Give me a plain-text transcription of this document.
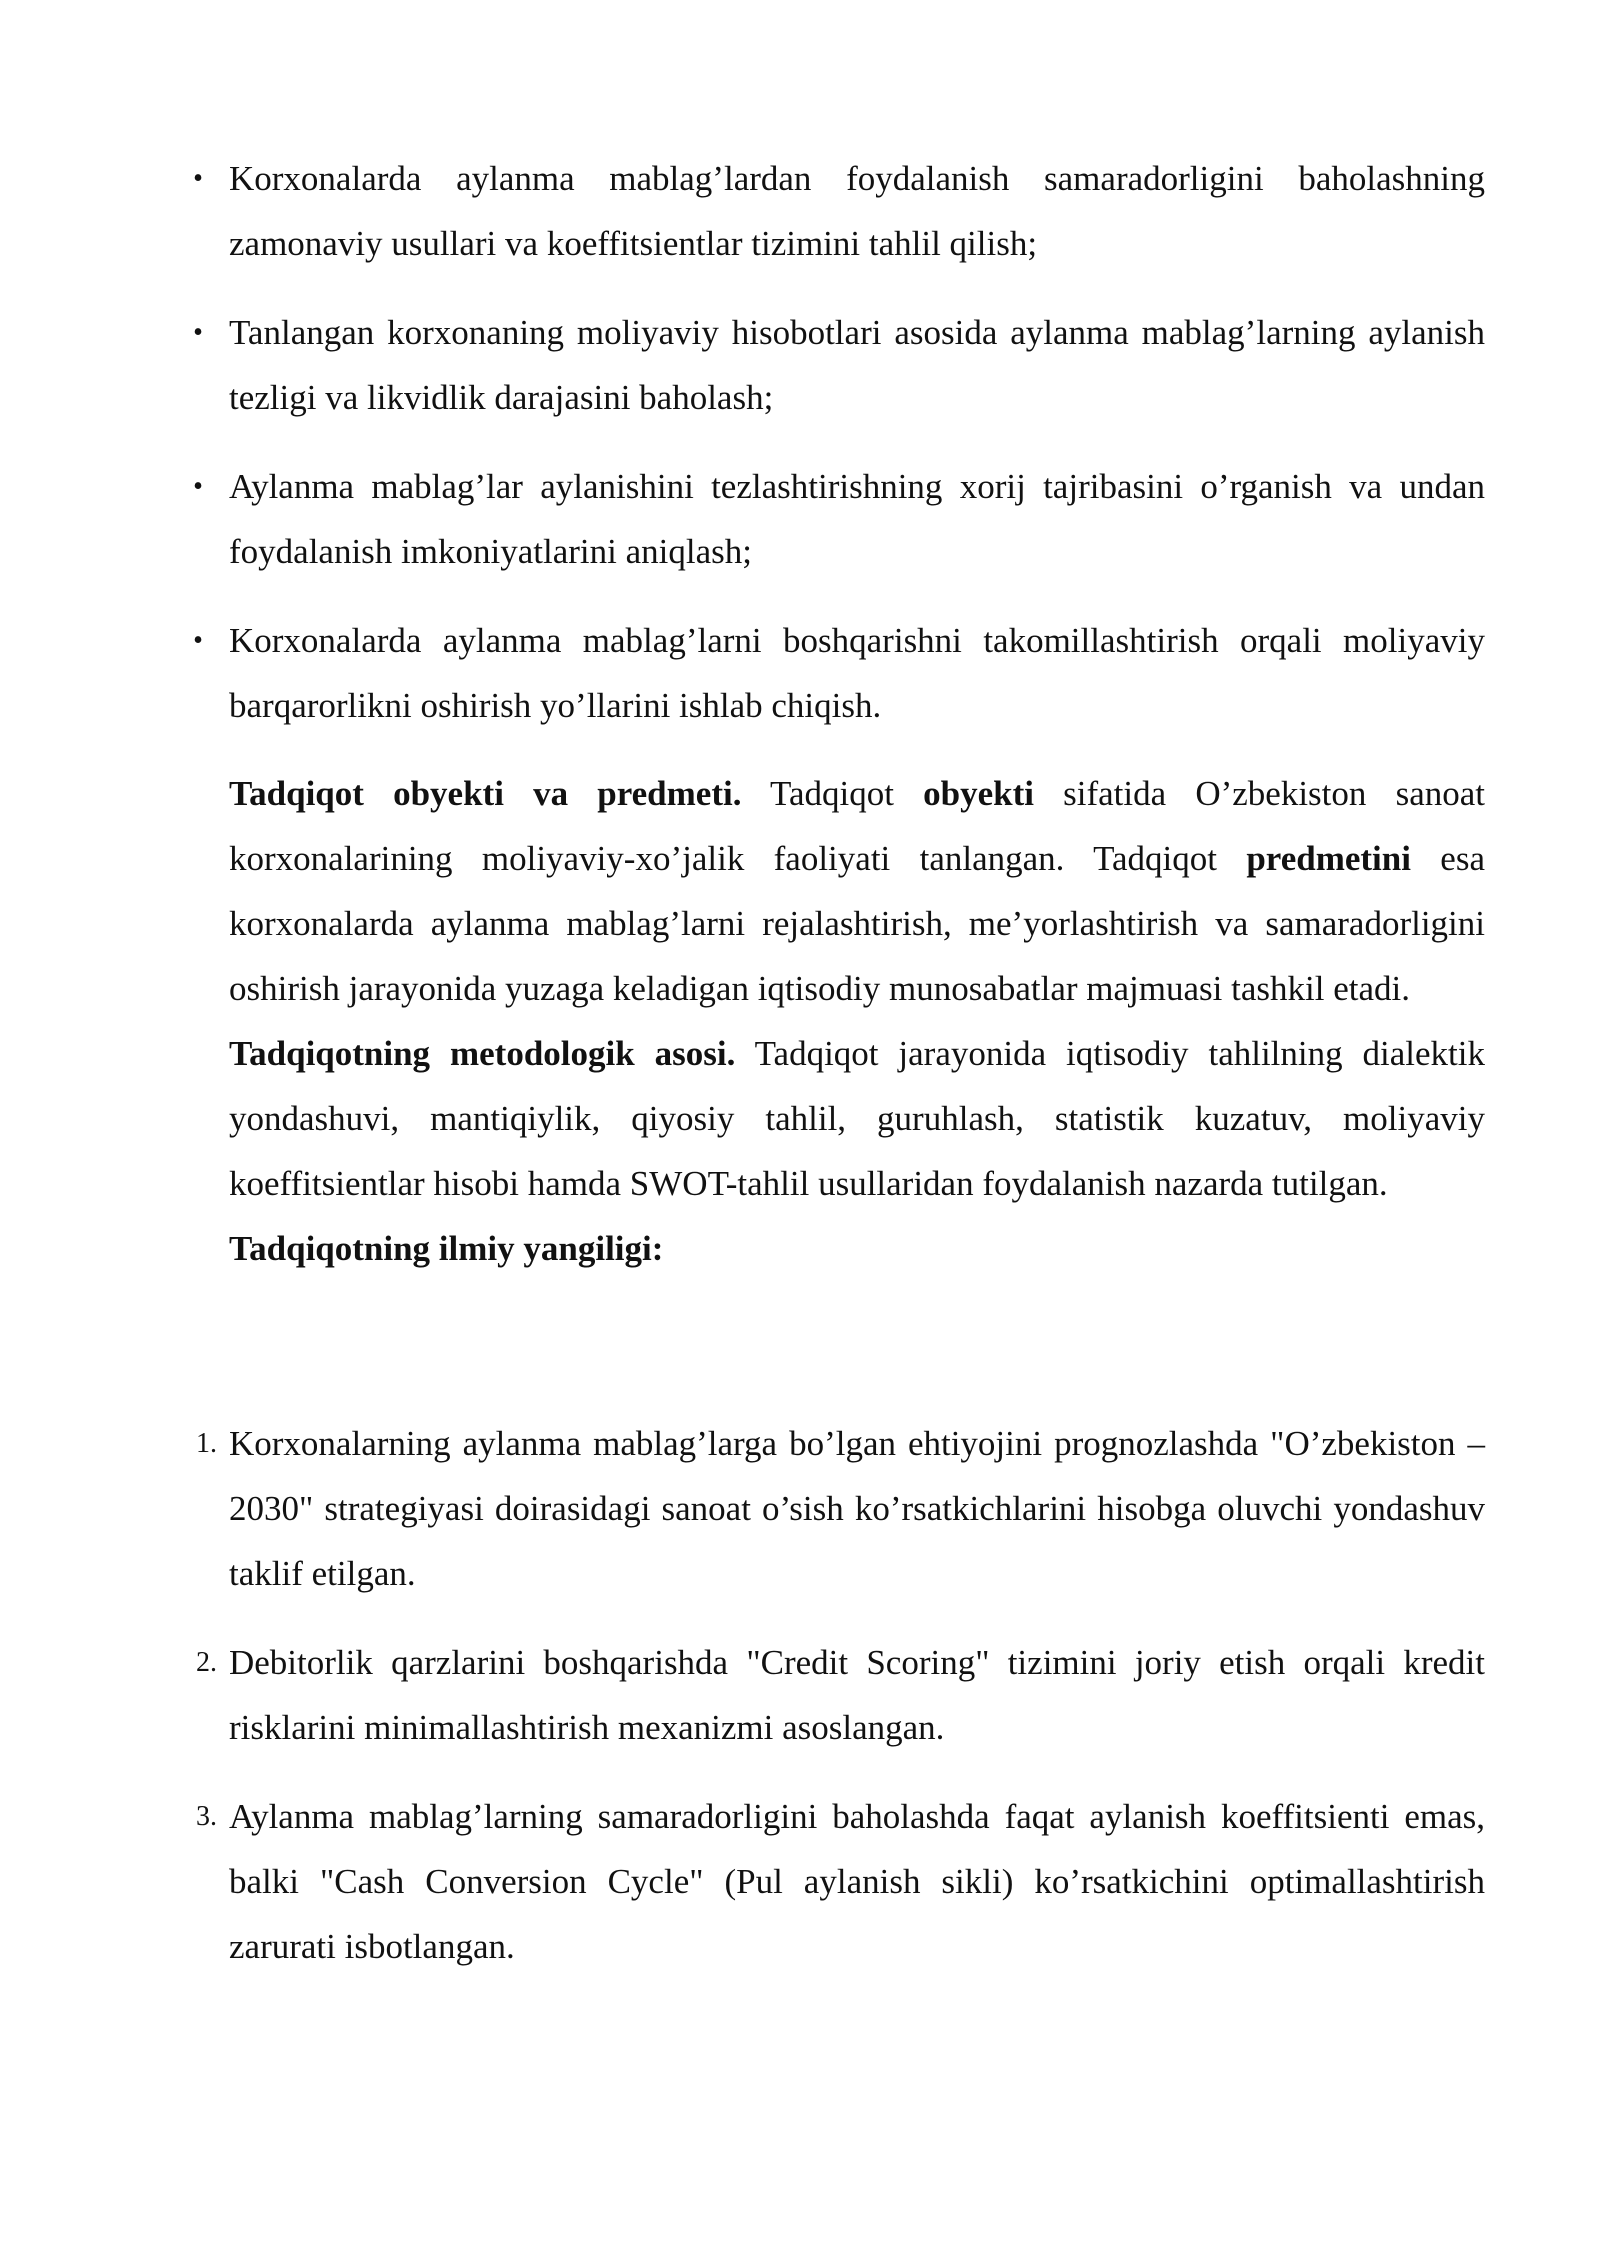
• Korxonalarda aylanma mablag’lardan foydalanish samaradorligini baholashning zamonaviy usullari va koeffitsientlar tizimini tahlil qilish;
• Tanlangan korxonaning moliyaviy hisobotlari asosida aylanma mablag’larning aylanish tezligi va likvidlik darajasini baholash;
• Aylanma mablag’lar aylanishini tezlashtirishning xorij tajribasini o’rganish va undan foydalanish imkoniyatlarini aniqlash;
• Korxonalarda aylanma mablag’larni boshqarishni takomillashtirish orqali moliyaviy barqarorlikni oshirish yo’llarini ishlab chiqish.

Tadqiqot obyekti va predmeti. Tadqiqot obyekti sifatida O’zbekiston sanoat korxonalarining moliyaviy-xo’jalik faoliyati tanlangan. Tadqiqot predmetini esa korxonalarda aylanma mablag’larni rejalashtirish, me’yorlashtirish va samaradorligini oshirish jarayonida yuzaga keladigan iqtisodiy munosabatlar majmuasi tashkil etadi.

Tadqiqotning metodologik asosi. Tadqiqot jarayonida iqtisodiy tahlilning dialektik yondashuvi, mantiqiylik, qiyosiy tahlil, guruhlash, statistik kuzatuv, moliyaviy koeffitsientlar hisobi hamda SWOT-tahlil usullaridan foydalanish nazarda tutilgan.

Tadqiqotning ilmiy yangiligi:

1. Korxonalarning aylanma mablag’larga bo’lgan ehtiyojini prognozlashda "O’zbekiston – 2030" strategiyasi doirasidagi sanoat o’sish ko’rsatkichlarini hisobga oluvchi yondashuv taklif etilgan.
2. Debitorlik qarzlarini boshqarishda "Credit Scoring" tizimini joriy etish orqali kredit risklarini minimallashtirish mexanizmi asoslangan.
3. Aylanma mablag’larning samaradorligini baholashda faqat aylanish koeffitsienti emas, balki "Cash Conversion Cycle" (Pul aylanish sikli) ko’rsatkichini optimallashtirish zarurati isbotlangan.
